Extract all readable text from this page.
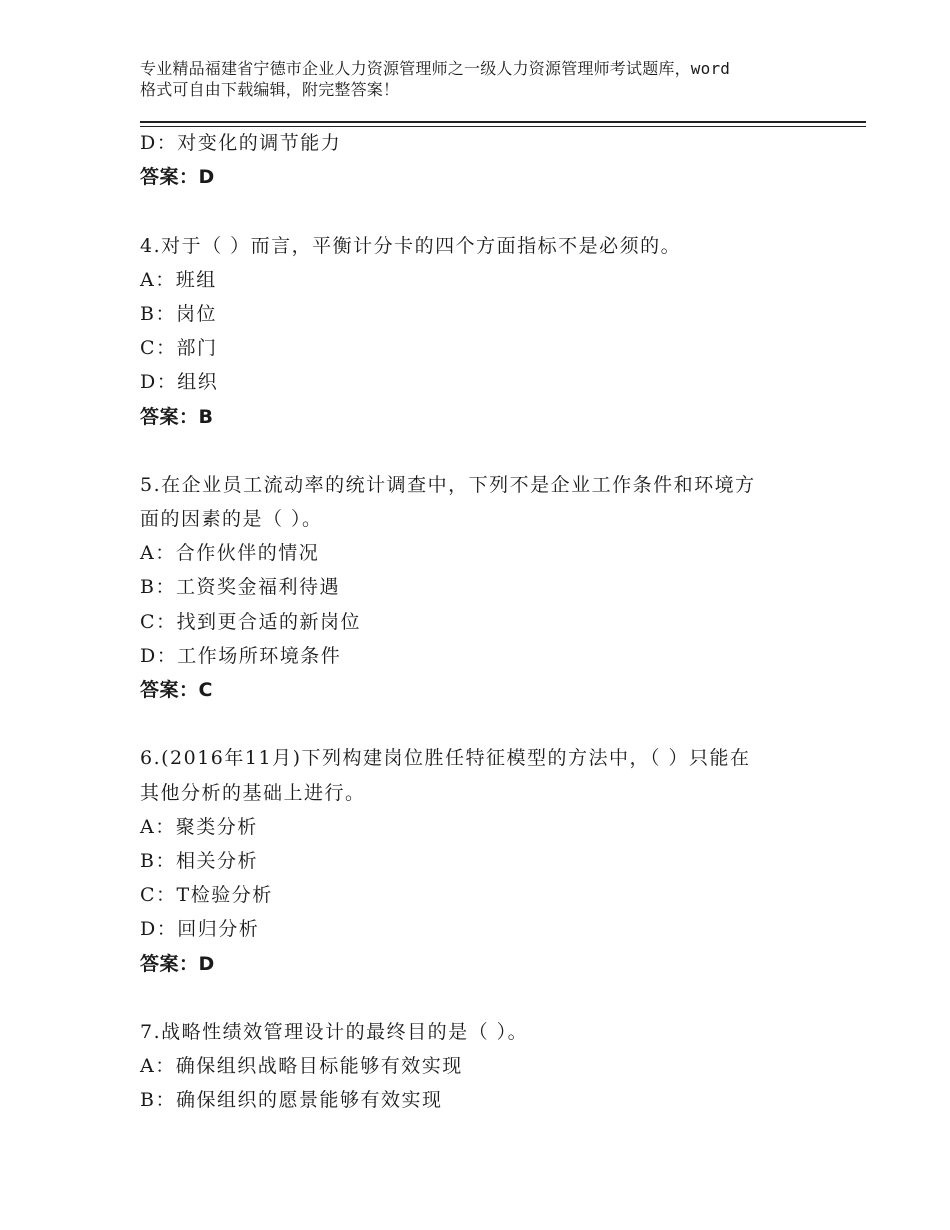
专业精品福建省宁德市企业人力资源管理师之一级人力资源管理师考试题库，word
格式可自由下载编辑，附完整答案！
D：对变化的调节能力
答案：D
4.对于（ ）而言，平衡计分卡的四个方面指标不是必须的。
A：班组
B：岗位
C：部门
D：组织
答案：B
5.在企业员工流动率的统计调查中，下列不是企业工作条件和环境方
面的因素的是（ ）。
A：合作伙伴的情况
B：工资奖金福利待遇
C：找到更合适的新岗位
D：工作场所环境条件
答案：C
6.(2016年11月)下列构建岗位胜任特征模型的方法中，（ ）只能在
其他分析的基础上进行。
A：聚类分析
B：相关分析
C：T检验分析
D：回归分析
答案：D
7.战略性绩效管理设计的最终目的是（ ）。
A：确保组织战略目标能够有效实现
B：确保组织的愿景能够有效实现
